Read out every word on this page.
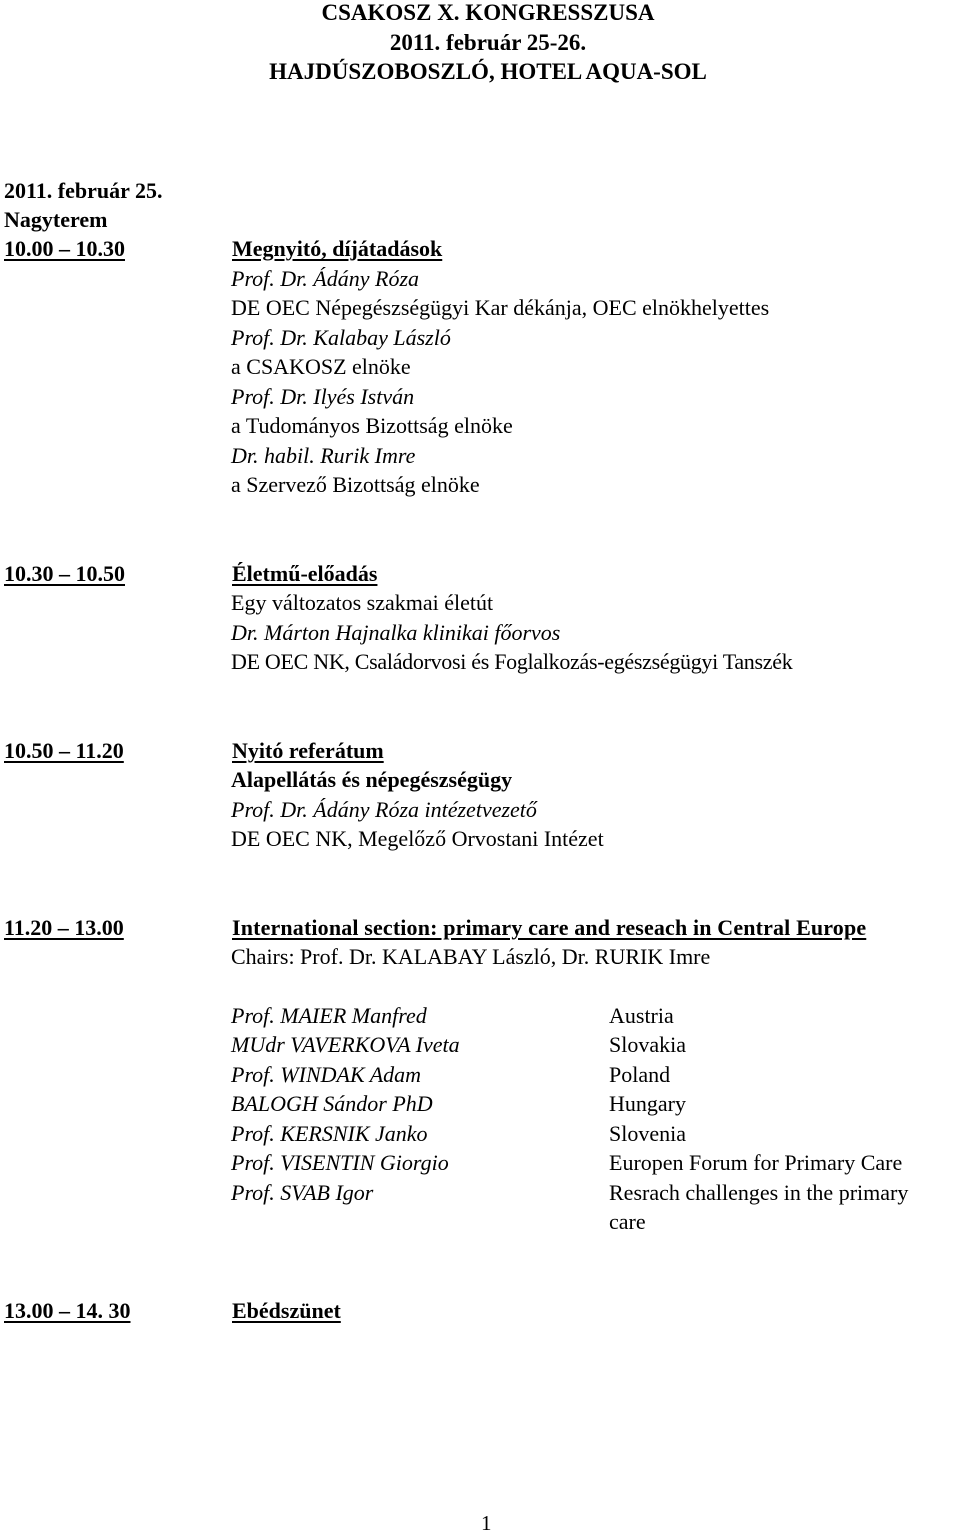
CSAKOSZ X. KONGRESSZUSA
2011. február 25-26.
HAJDÚSZOBOSZLÓ, HOTEL AQUA-SOL
2011. február 25.
Nagyterem
10.00 – 10.30	Megnyitó, díjátadások
Prof. Dr. Ádány Róza
DE OEC Népegészségügyi Kar dékánja, OEC elnökhelyettes
Prof. Dr. Kalabay László
a CSAKOSZ elnöke
Prof. Dr. Ilyés István
a Tudományos Bizottság elnöke
Dr. habil. Rurik Imre
a Szervező Bizottság elnöke
10.30 – 10.50	Életmű-előadás
Egy változatos szakmai életút
Dr. Márton Hajnalka klinikai főorvos
DE OEC NK, Családorvosi és Foglalkozás-egészségügyi Tanszék
10.50 – 11.20	Nyitó referátum
Alapellátás és népegészségügy
Prof. Dr. Ádány Róza intézetvezető
DE OEC NK, Megelőző Orvostani Intézet
11.20 – 13.00	International section: primary care and reseach in Central Europe
Chairs: Prof. Dr. KALABAY László, Dr. RURIK Imre
Prof. MAIER Manfred	Austria
MUdr VAVERKOVA Iveta	Slovakia
Prof. WINDAK Adam	Poland
BALOGH Sándor PhD	Hungary
Prof. KERSNIK Janko	Slovenia
Prof. VISENTIN Giorgio	Europen Forum for Primary Care
Prof. SVAB Igor	Resrach challenges in the primary
care
13.00 – 14. 30	Ebédszünet
1
